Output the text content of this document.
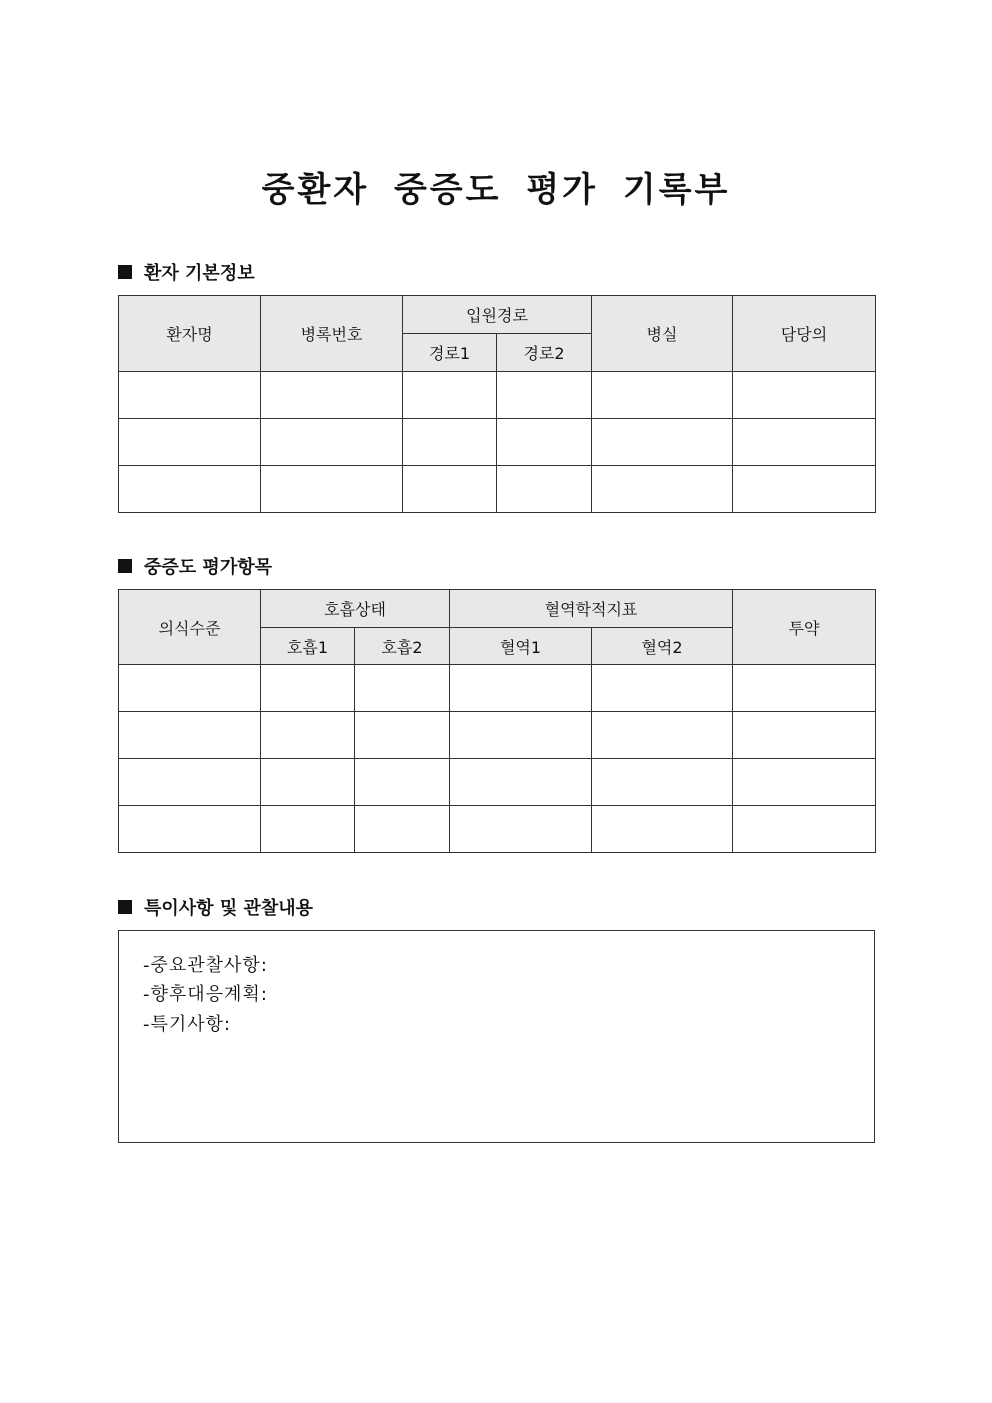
중환자 중증도 평가 기록부
환자 기본정보
환자명	병록번호	입원경로		병실	담당의
		경로1	경로2		

중증도 평가항목
의식수준	호흡상태		혈역학적지표		투약
	호흡1	호흡2	혈역1	혈역2	

특이사항 및 관찰내용
-중요관찰사항:
-향후대응계획:
-특기사항:
